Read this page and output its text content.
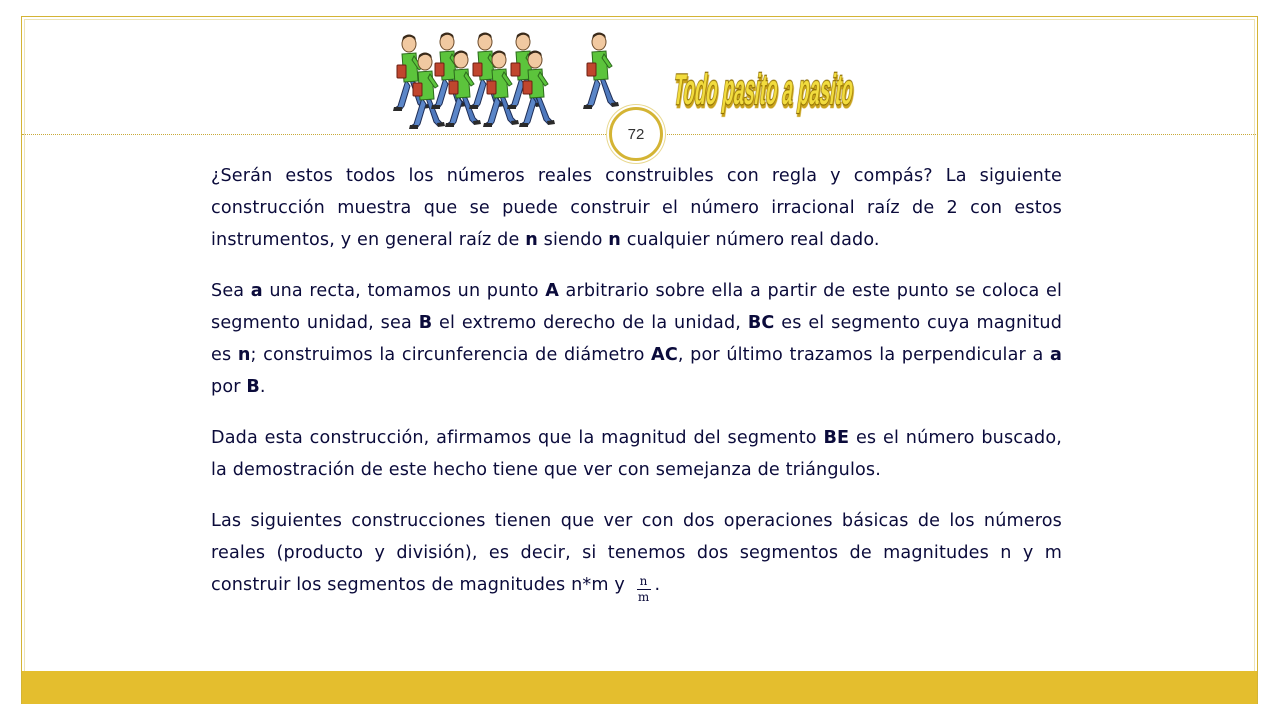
Todo pasito a pasito
72

¿Serán estos todos los números reales construibles con regla y compás? La siguiente construcción muestra que se puede construir el número irracional raíz de 2 con estos instrumentos, y en general raíz de n siendo n cualquier número real dado.

Sea a una recta, tomamos un punto A arbitrario sobre ella a partir de este punto se coloca el segmento unidad, sea B el extremo derecho de la unidad, BC es el segmento cuya magnitud es n; construimos la circunferencia de diámetro AC, por último trazamos la perpendicular a a por B.

Dada esta construcción, afirmamos que la magnitud del segmento BE es el número buscado, la demostración de este hecho tiene que ver con semejanza de triángulos.

Las siguientes construcciones tienen que ver con dos operaciones básicas de los números reales (producto y división), es decir, si tenemos dos segmentos de magnitudes n y m construir los segmentos de magnitudes n*m y $\frac{n}{m}$ .
